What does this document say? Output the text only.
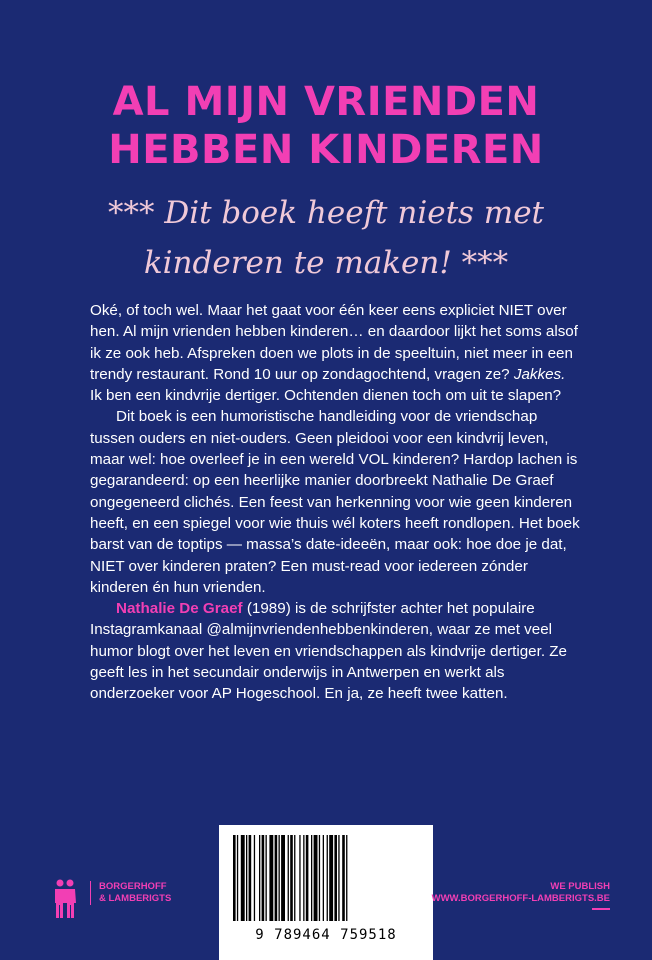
AL MIJN VRIENDEN
HEBBEN KINDEREN
*** Dit boek heeft niets met
kinderen te maken! ***

Oké, of toch wel. Maar het gaat voor één keer eens expliciet NIET over hen. Al mijn vrienden hebben kinderen… en daardoor lijkt het soms alsof ik ze ook heb. Afspreken doen we plots in de speeltuin, niet meer in een trendy restaurant. Rond 10 uur op zondagochtend, vragen ze? Jakkes. Ik ben een kindvrije dertiger. Ochtenden dienen toch om uit te slapen?

Dit boek is een humoristische handleiding voor de vriendschap tussen ouders en niet-ouders. Geen pleidooi voor een kindvrij leven, maar wel: hoe overleef je in een wereld VOL kinderen? Hardop lachen is gegarandeerd: op een heerlijke manier doorbreekt Nathalie De Graef ongegeneerd clichés. Een feest van herkenning voor wie geen kinderen heeft, en een spiegel voor wie thuis wél koters heeft rondlopen. Het boek barst van de toptips — massa’s date-ideeën, maar ook: hoe doe je dat, NIET over kinderen praten? Een must-read voor iedereen zónder kinderen én hun vrienden.

Nathalie De Graef (1989) is de schrijfster achter het populaire Instagramkanaal @almijnvriendenhebbenkinderen, waar ze met veel humor blogt over het leven en vriendschappen als kindvrije dertiger. Ze geeft les in het secundair onderwijs in Antwerpen en werkt als onderzoeker voor AP Hogeschool. En ja, ze heeft twee katten.

BORGERHOFF
& LAMBERIGTS
9 789464 759518
WE PUBLISH
WWW.BORGERHOFF-LAMBERIGTS.BE
